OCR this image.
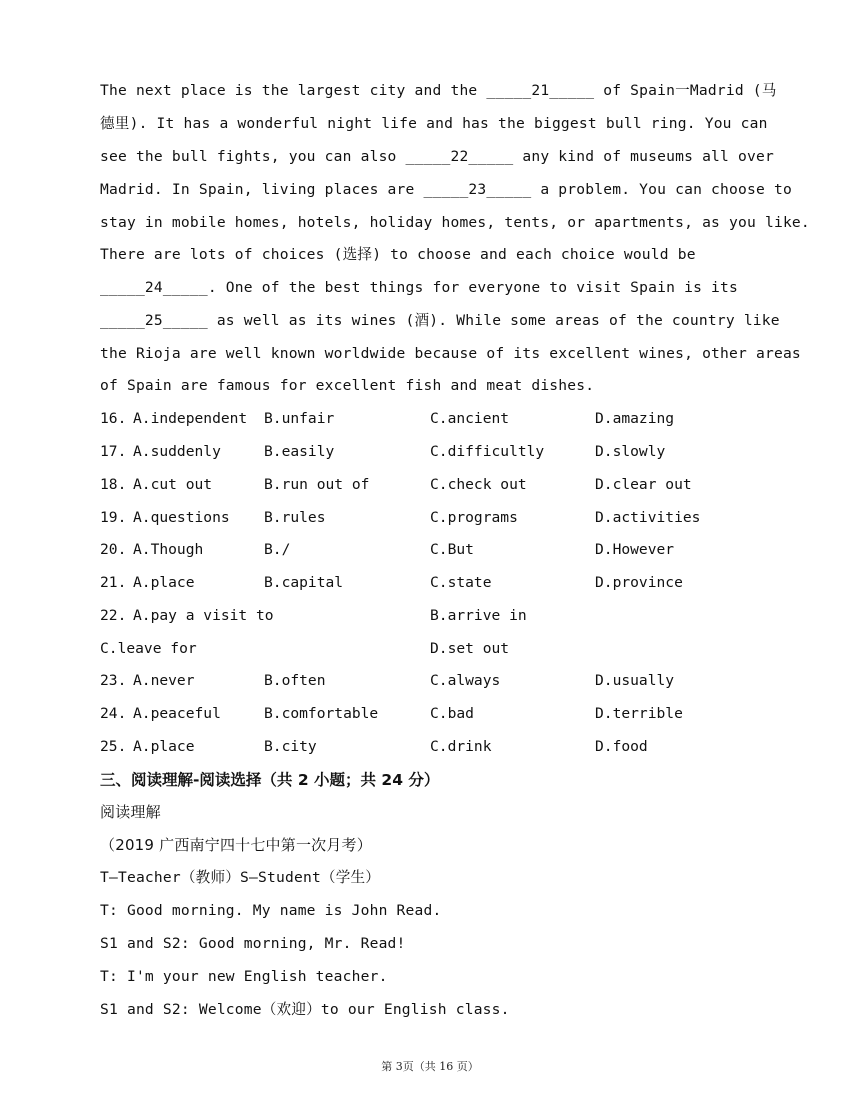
The next place is the largest city and the _____21_____ of Spain一Madrid (马
德里). It has a wonderful night life and has the biggest bull ring. You can
see the bull fights, you can also _____22_____ any kind of museums all over
Madrid. In Spain, living places are _____23_____ a problem. You can choose to
stay in mobile homes, hotels, holiday homes, tents, or apartments, as you like.
There are lots of choices (选择) to choose and each choice would be
_____24_____. One of the best things for everyone to visit Spain is its
_____25_____ as well as its wines (酒). While some areas of the country like
the Rioja are well known worldwide because of its excellent wines, other areas
of Spain are famous for excellent fish and meat dishes.
16. A.independent B.unfair	C.ancient	D.amazing
17. A.suddenly	B.easily	C.difficultly	D.slowly
18. A.cut out	B.run out of	C.check out	D.clear out
19. A.questions B.rules	C.programs	D.activities
20. A.Though	B./	C.But	D.However
21. A.place	B.capital	C.state	D.province
22. A.pay a visit to	B.arrive in
C.leave for	D.set out
23. A.never	B.often	C.always	D.usually
24. A.peaceful	B.comfortable	C.bad	D.terrible
25. A.place	B.city	C.drink	D.food
三、阅读理解-阅读选择（共 2 小题；共 24 分）
阅读理解
（2019 广西南宁四十七中第一次月考）
T—Teacher（教师）S—Student（学生）
T: Good morning. My name is John Read.
S1 and S2: Good morning, Mr. Read!
T: I'm your new English teacher.
S1 and S2: Welcome（欢迎）to our English class.
第 3页（共 16 页）
